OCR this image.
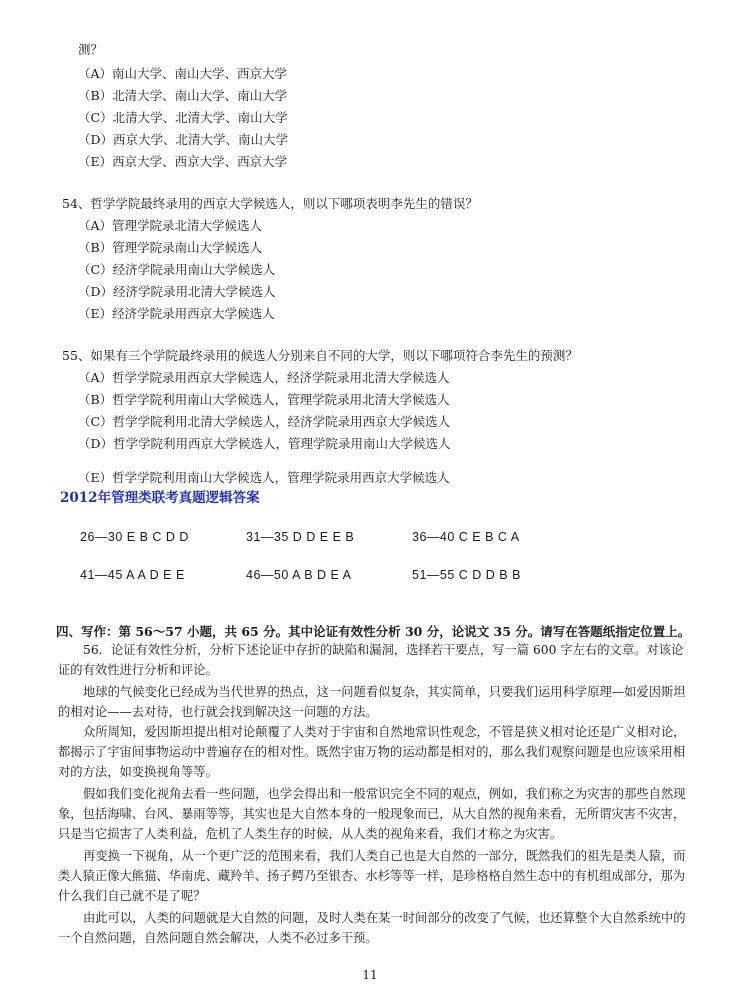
测？
（A）南山大学、南山大学、西京大学
（B）北清大学、南山大学、南山大学
（C）北清大学、北清大学、南山大学
（D）西京大学、北清大学、南山大学
（E）西京大学、西京大学、西京大学
54、哲学学院最终录用的西京大学候选人，则以下哪项表明李先生的错误？
（A）管理学院录北清大学候选人
（B）管理学院录南山大学候选人
（C）经济学院录用南山大学候选人
（D）经济学院录用北清大学候选人
（E）经济学院录用西京大学候选人
55、如果有三个学院最终录用的候选人分别来自不同的大学，则以下哪项符合李先生的预测？
（A）哲学学院录用西京大学候选人，经济学院录用北清大学候选人
（B）哲学学院利用南山大学候选人，管理学院录用北清大学候选人
（C）哲学学院利用北清大学候选人，经济学院录用西京大学候选人
（D）哲学学院利用西京大学候选人，管理学院录用南山大学候选人
（E）哲学学院利用南山大学候选人，管理学院录用西京大学候选人
2012年管理类联考真题逻辑答案
26—30 E B C D D	31—35 D D E E B	36—40 C E B C A
41—45 A A D E E	46—50 A B D E A	51—55 C D D B B
四、写作：第 56～57 小题，共 65 分。其中论证有效性分析 30 分，论说文 35 分。请写在答题纸指定位置上。
56．论证有效性分析，分析下述论证中存折的缺陷和漏洞，选择若干要点，写一篇 600 字左右的文章。对该论证的有效性进行分析和评论。
地球的气候变化已经成为当代世界的热点，这一问题看似复杂，其实简单，只要我们运用科学原理—如爱因斯坦的相对论——去对待，也行就会找到解决这一问题的方法。
众所周知，爱因斯坦提出相对论颠覆了人类对于宇宙和自然地常识性观念，不管是狭义相对论还是广义相对论，都揭示了宇宙间事物运动中普遍存在的相对性。既然宇宙万物的运动都是相对的，那么我们观察问题是也应该采用相对的方法，如变换视角等等。
假如我们变化视角去看一些问题，也学会得出和一般常识完全不同的观点，例如，我们称之为灾害的那些自然现象，包括海啸、台风、暴雨等等，其实也是大自然本身的一般现象而已，从大自然的视角来看，无所谓灾害不灾害，只是当它损害了人类利益，危机了人类生存的时候，从人类的视角来看，我们才称之为灾害。
再变换一下视角，从一个更广泛的范围来看，我们人类自己也是大自然的一部分，既然我们的祖先是类人猿，而类人猿正像大熊猫、华南虎、藏羚羊、扬子鳄乃至银杏、水杉等等一样，是珍格格自然生态中的有机组成部分，那为什么我们自己就不是了呢？
由此可以，人类的问题就是大自然的问题，及时人类在某一时间部分的改变了气候，也还算整个大自然系统中的一个自然问题，自然问题自然会解决，人类不必过多干预。
11
